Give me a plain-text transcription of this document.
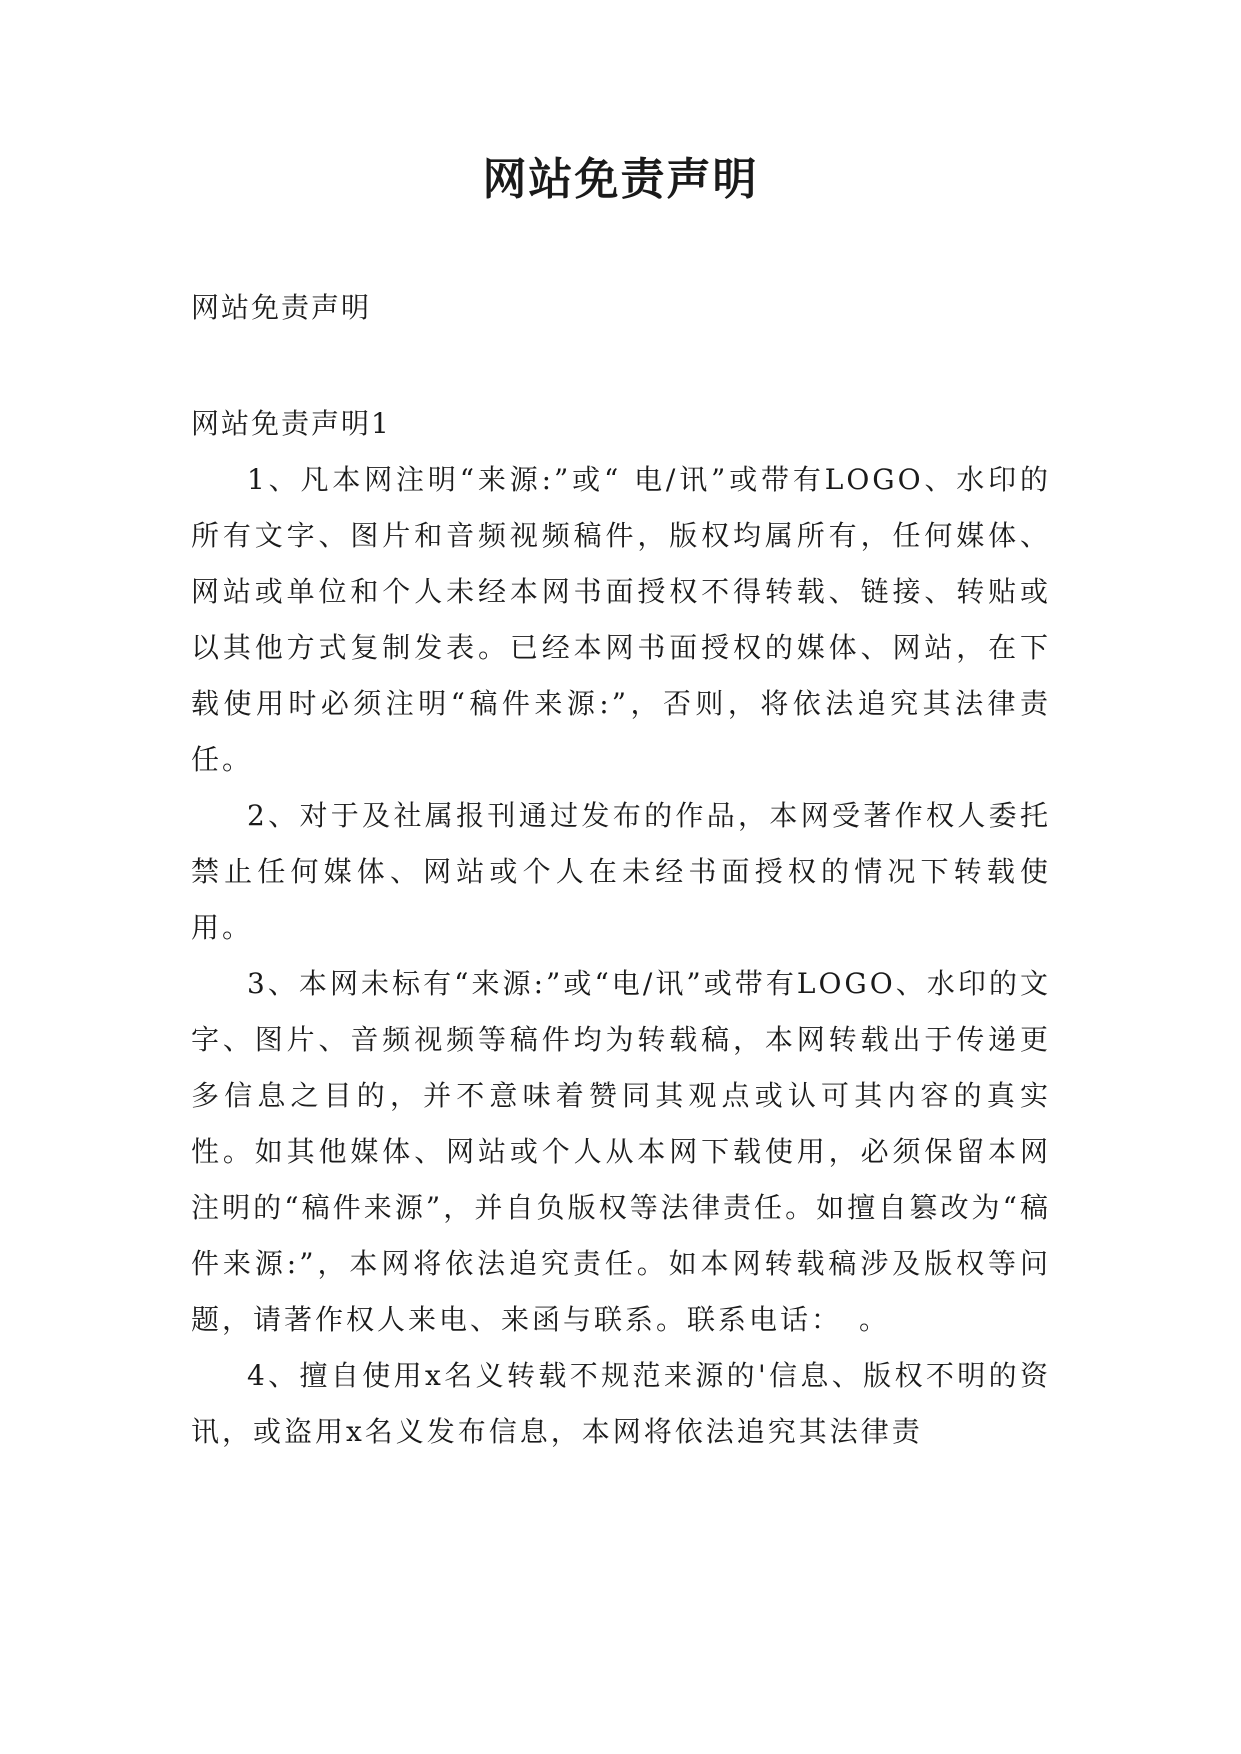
网站免责声明

网站免责声明

网站免责声明1

1、凡本网注明“来源:”或“ 电/讯”或带有LOGO、水印的所有文字、图片和音频视频稿件，版权均属所有，任何媒体、网站或单位和个人未经本网书面授权不得转载、链接、转贴或以其他方式复制发表。已经本网书面授权的媒体、网站，在下载使用时必须注明“稿件来源:”，否则，将依法追究其法律责任。

2、对于及社属报刊通过发布的作品，本网受著作权人委托禁止任何媒体、网站或个人在未经书面授权的情况下转载使用。

3、本网未标有“来源:”或“电/讯”或带有LOGO、水印的文字、图片、音频视频等稿件均为转载稿，本网转载出于传递更多信息之目的，并不意味着赞同其观点或认可其内容的真实性。如其他媒体、网站或个人从本网下载使用，必须保留本网注明的“稿件来源”，并自负版权等法律责任。如擅自篡改为“稿件来源:”，本网将依法追究责任。如本网转载稿涉及版权等问题，请著作权人来电、来函与联系。联系电话：　。

4、擅自使用x名义转载不规范来源的'信息、版权不明的资讯，或盗用x名义发布信息，本网将依法追究其法律责
